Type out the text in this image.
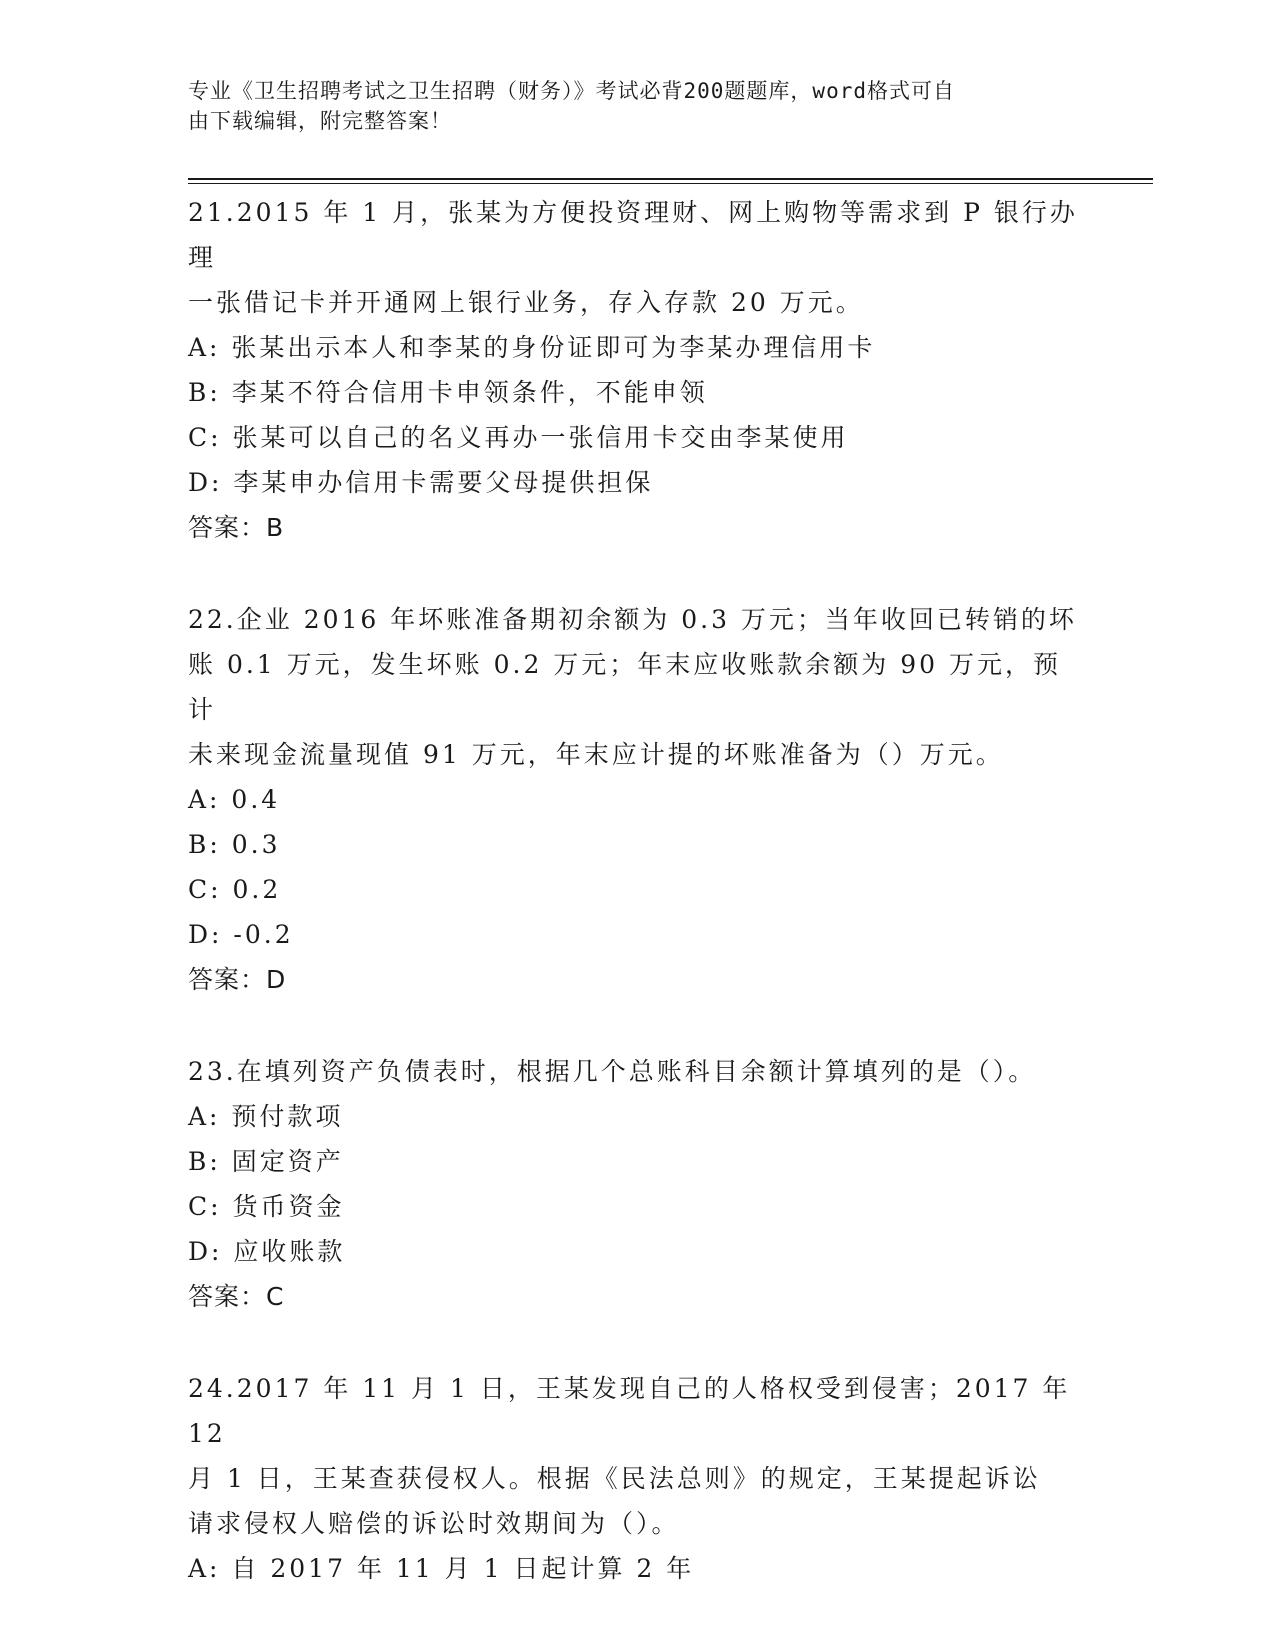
专业《卫生招聘考试之卫生招聘（财务）》考试必背200题题库，word格式可自
由下载编辑，附完整答案！

21.2015 年 1 月，张某为方便投资理财、网上购物等需求到 P 银行办理

一张借记卡并开通网上银行业务，存入存款 20 万元。

A: 张某出示本人和李某的身份证即可为李某办理信用卡

B: 李某不符合信用卡申领条件，不能申领

C: 张某可以自己的名义再办一张信用卡交由李某使用

D: 李某申办信用卡需要父母提供担保

答案：B

22.企业 2016 年坏账准备期初余额为 0.3 万元；当年收回已转销的坏

账 0.1 万元，发生坏账 0.2 万元；年末应收账款余额为 90 万元，预计

未来现金流量现值 91 万元，年末应计提的坏账准备为（）万元。

A: 0.4

B: 0.3

C: 0.2

D: -0.2

答案：D

23.在填列资产负债表时，根据几个总账科目余额计算填列的是（）。

A: 预付款项

B: 固定资产

C: 货币资金

D: 应收账款

答案：C

24.2017 年 11 月 1 日，王某发现自己的人格权受到侵害；2017 年 12

月 1 日，王某查获侵权人。根据《民法总则》的规定，王某提起诉讼

请求侵权人赔偿的诉讼时效期间为（）。

A: 自 2017 年 11 月 1 日起计算 2 年
